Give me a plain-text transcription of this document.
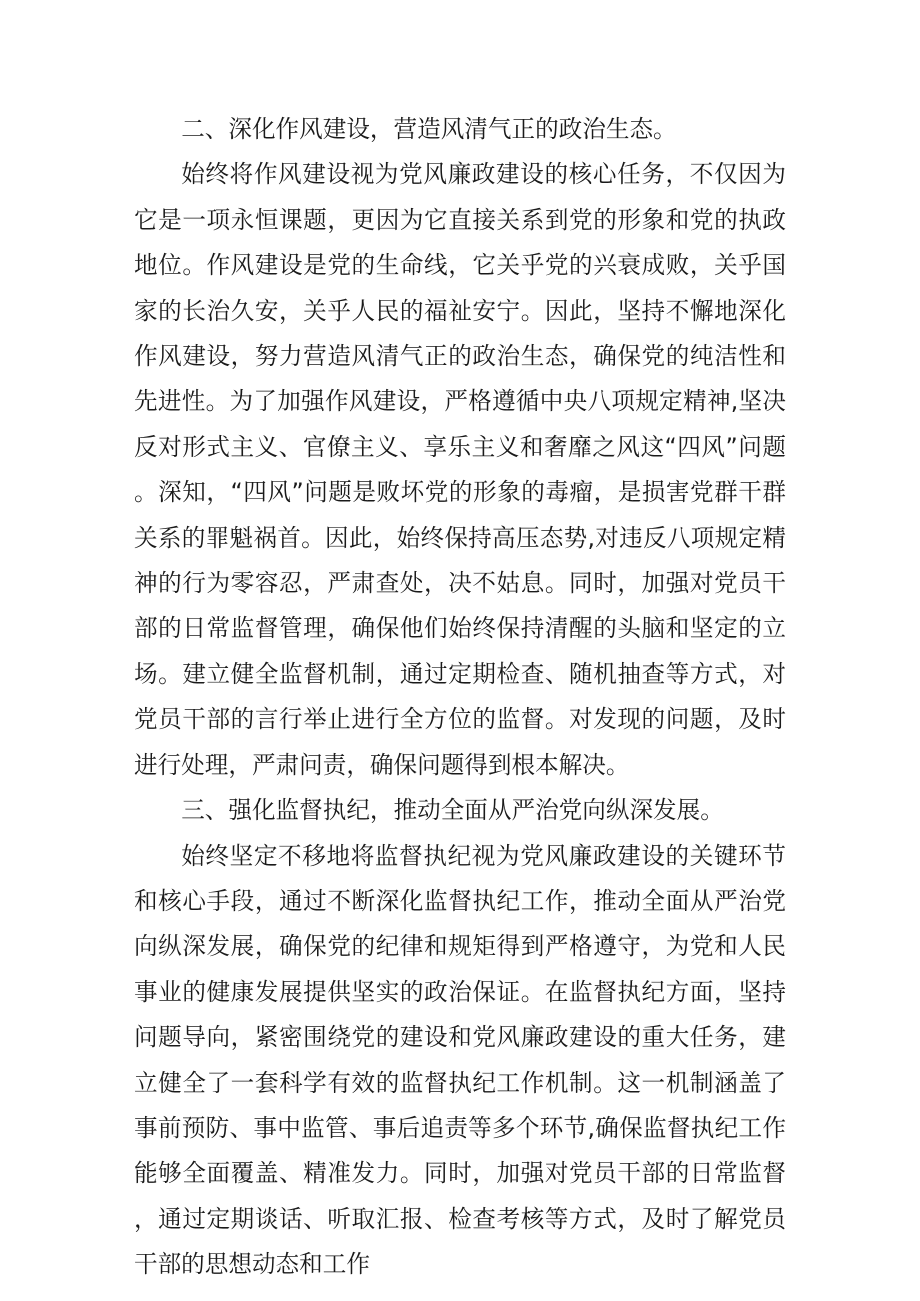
二、深化作风建设，营造风清气正的政治生态。

始终将作风建设视为党风廉政建设的核心任务，不仅因为它是一项永恒课题，更因为它直接关系到党的形象和党的执政地位。作风建设是党的生命线，它关乎党的兴衰成败，关乎国家的长治久安，关乎人民的福祉安宁。因此，坚持不懈地深化作风建设，努力营造风清气正的政治生态，确保党的纯洁性和先进性。为了加强作风建设，严格遵循中央八项规定精神,坚决反对形式主义、官僚主义、享乐主义和奢靡之风这“四风”问题。深知，“四风”问题是败坏党的形象的毒瘤，是损害党群干群关系的罪魁祸首。因此，始终保持高压态势,对违反八项规定精神的行为零容忍，严肃查处，决不姑息。同时，加强对党员干部的日常监督管理，确保他们始终保持清醒的头脑和坚定的立场。建立健全监督机制，通过定期检查、随机抽查等方式，对党员干部的言行举止进行全方位的监督。对发现的问题，及时进行处理，严肃问责，确保问题得到根本解决。

三、强化监督执纪，推动全面从严治党向纵深发展。

始终坚定不移地将监督执纪视为党风廉政建设的关键环节和核心手段，通过不断深化监督执纪工作，推动全面从严治党向纵深发展，确保党的纪律和规矩得到严格遵守，为党和人民事业的健康发展提供坚实的政治保证。在监督执纪方面，坚持问题导向，紧密围绕党的建设和党风廉政建设的重大任务，建立健全了一套科学有效的监督执纪工作机制。这一机制涵盖了事前预防、事中监管、事后追责等多个环节,确保监督执纪工作能够全面覆盖、精准发力。同时，加强对党员干部的日常监督，通过定期谈话、听取汇报、检查考核等方式，及时了解党员干部的思想动态和工作
